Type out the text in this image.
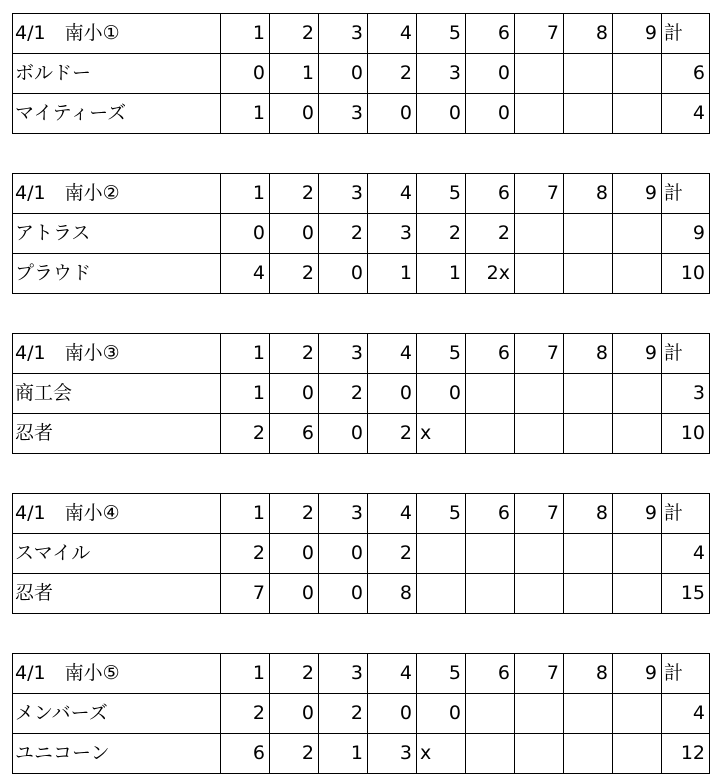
4/1　南小①	1	2	3	4	5	6	7	8	9	計
ボルドー	0	1	0	2	3	0				6
マイティーズ	1	0	3	0	0	0				4
4/1　南小②	1	2	3	4	5	6	7	8	9	計
アトラス	0	0	2	3	2	2				9
プラウド	4	2	0	1	1	2x				10
4/1　南小③	1	2	3	4	5	6	7	8	9	計
商工会	1	0	2	0	0					3
忍者	2	6	0	2	x					10
4/1　南小④	1	2	3	4	5	6	7	8	9	計
スマイル	2	0	0	2						4
忍者	7	0	0	8						15
4/1　南小⑤	1	2	3	4	5	6	7	8	9	計
メンバーズ	2	0	2	0	0					4
ユニコーン	6	2	1	3	x					12
